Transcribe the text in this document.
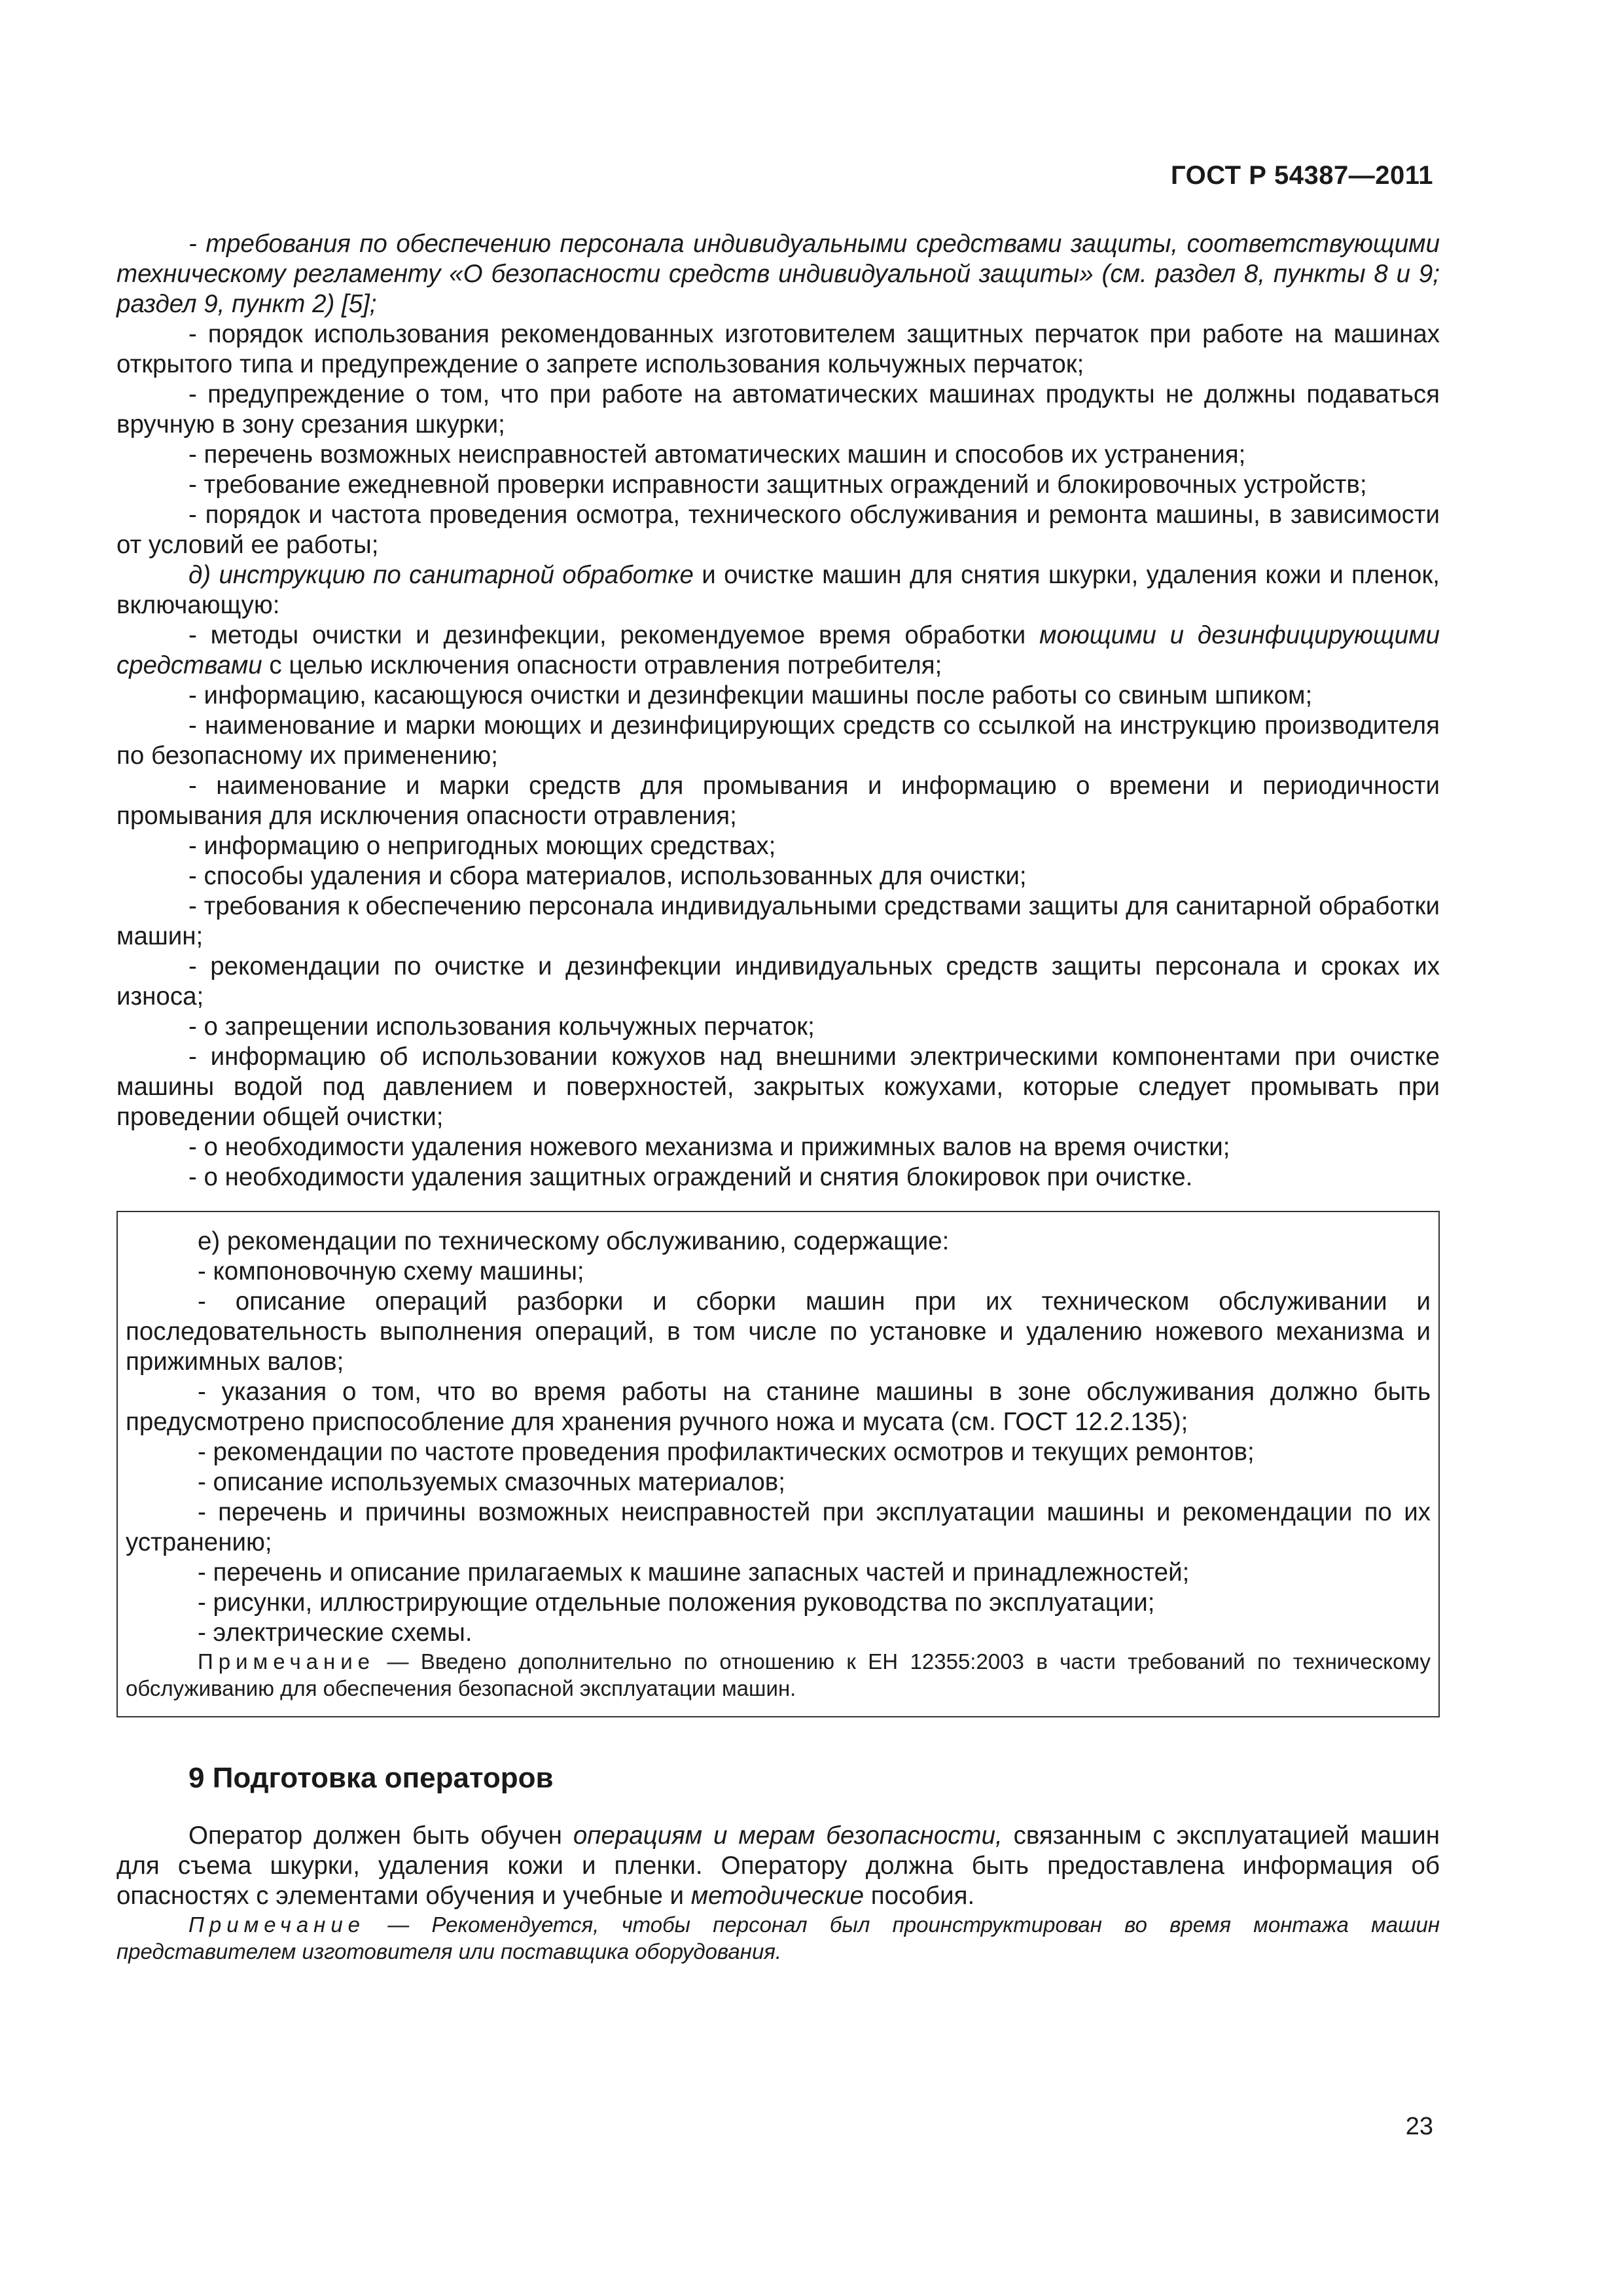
ГОСТ Р 54387—2011

- требования по обеспечению персонала индивидуальными средствами защиты, соответствующими техническому регламенту «О безопасности средств индивидуальной защиты» (см. раздел 8, пункты 8 и 9; раздел 9, пункт 2) [5];

- порядок использования рекомендованных изготовителем защитных перчаток при работе на машинах открытого типа и предупреждение о запрете использования кольчужных перчаток;

- предупреждение о том, что при работе на автоматических машинах продукты не должны подаваться вручную в зону срезания шкурки;

- перечень возможных неисправностей автоматических машин и способов их устранения;

- требование ежедневной проверки исправности защитных ограждений и блокировочных устройств;

- порядок и частота проведения осмотра, технического обслуживания и ремонта машины, в зависимости от условий ее работы;

д) инструкцию по санитарной обработке и очистке машин для снятия шкурки, удаления кожи и пленок, включающую:

- методы очистки и дезинфекции, рекомендуемое время обработки моющими и дезинфицирующими средствами с целью исключения опасности отравления потребителя;

- информацию, касающуюся очистки и дезинфекции машины после работы со свиным шпиком;

- наименование и марки моющих и дезинфицирующих средств со ссылкой на инструкцию производителя по безопасному их применению;

- наименование и марки средств для промывания и информацию о времени и периодичности промывания для исключения опасности отравления;

- информацию о непригодных моющих средствах;

- способы удаления и сбора материалов, использованных для очистки;

- требования к обеспечению персонала индивидуальными средствами защиты для санитарной обработки машин;

- рекомендации по очистке и дезинфекции индивидуальных средств защиты персонала и сроках их износа;

- о запрещении использования кольчужных перчаток;

- информацию об использовании кожухов над внешними электрическими компонентами при очистке машины водой под давлением и поверхностей, закрытых кожухами, которые следует промывать при проведении общей очистки;

- о необходимости удаления ножевого механизма и прижимных валов на время очистки;

- о необходимости удаления защитных ограждений и снятия блокировок при очистке.

е) рекомендации по техническому обслуживанию, содержащие:

- компоновочную схему машины;

- описание операций разборки и сборки машин при их техническом обслуживании и последовательность выполнения операций, в том числе по установке и удалению ножевого механизма и прижимных валов;

- указания о том, что во время работы на станине машины в зоне обслуживания должно быть предусмотрено приспособление для хранения ручного ножа и мусата (см. ГОСТ 12.2.135);

- рекомендации по частоте проведения профилактических осмотров и текущих ремонтов;

- описание используемых смазочных материалов;

- перечень и причины возможных неисправностей при эксплуатации машины и рекомендации по их устранению;

- перечень и описание прилагаемых к машине запасных частей и принадлежностей;

- рисунки, иллюстрирующие отдельные положения руководства по эксплуатации;

- электрические схемы.

Примечание — Введено дополнительно по отношению к ЕН 12355:2003 в части требований по техническому обслуживанию для обеспечения безопасной эксплуатации машин.

9 Подготовка операторов

Оператор должен быть обучен операциям и мерам безопасности, связанным с эксплуатацией машин для съема шкурки, удаления кожи и пленки. Оператору должна быть предоставлена информация об опасностях с элементами обучения и учебные и методические пособия.

Примечание — Рекомендуется, чтобы персонал был проинструктирован во время монтажа машин представителем изготовителя или поставщика оборудования.

23
